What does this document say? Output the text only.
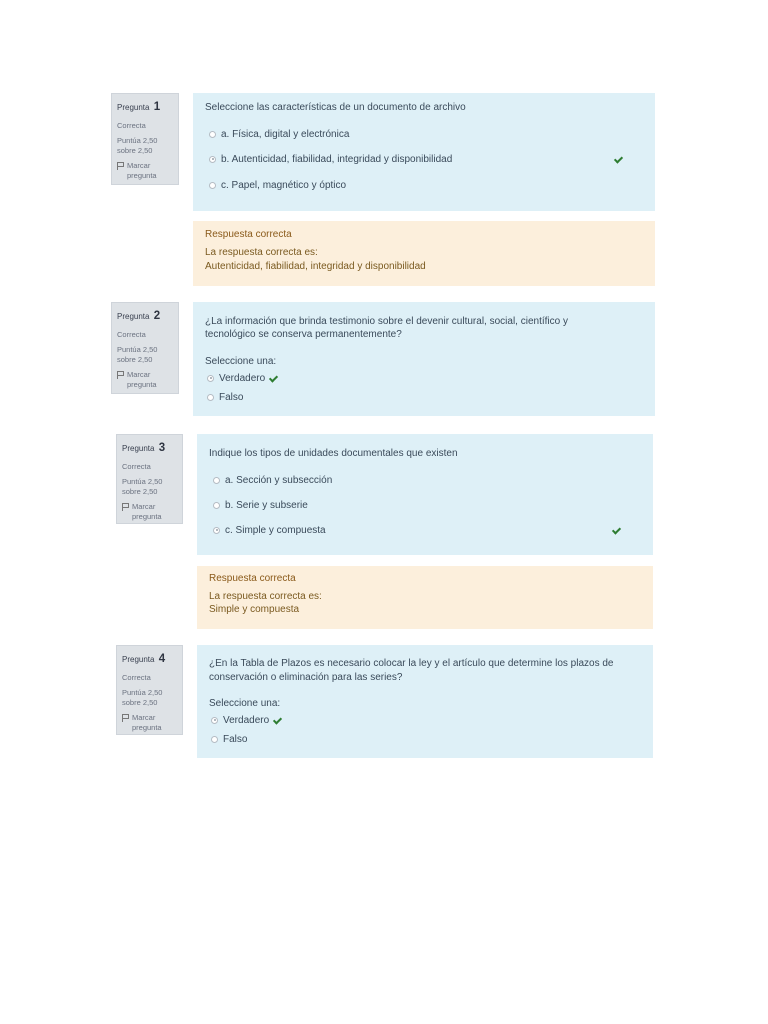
Pregunta 1
Correcta
Puntúa 2,50 sobre 2,50
Marcar pregunta
Seleccione las características de un documento de archivo
a. Física, digital y electrónica
b. Autenticidad, fiabilidad, integridad y disponibilidad
c. Papel, magnético y óptico
Respuesta correcta
La respuesta correcta es:
Autenticidad, fiabilidad, integridad y disponibilidad
Pregunta 2
Correcta
Puntúa 2,50 sobre 2,50
Marcar pregunta
¿La información que brinda testimonio sobre el devenir cultural, social, científico y
tecnológico se conserva permanentemente?
Seleccione una:
Verdadero
Falso
Pregunta 3
Correcta
Puntúa 2,50 sobre 2,50
Marcar pregunta
Indique los tipos de unidades documentales que existen
a. Sección y subsección
b. Serie y subserie
c. Simple y compuesta
Respuesta correcta
La respuesta correcta es:
Simple y compuesta
Pregunta 4
Correcta
Puntúa 2,50 sobre 2,50
Marcar pregunta
¿En la Tabla de Plazos es necesario colocar la ley y el artículo que determine los plazos de
conservación o eliminación para las series?
Seleccione una:
Verdadero
Falso
